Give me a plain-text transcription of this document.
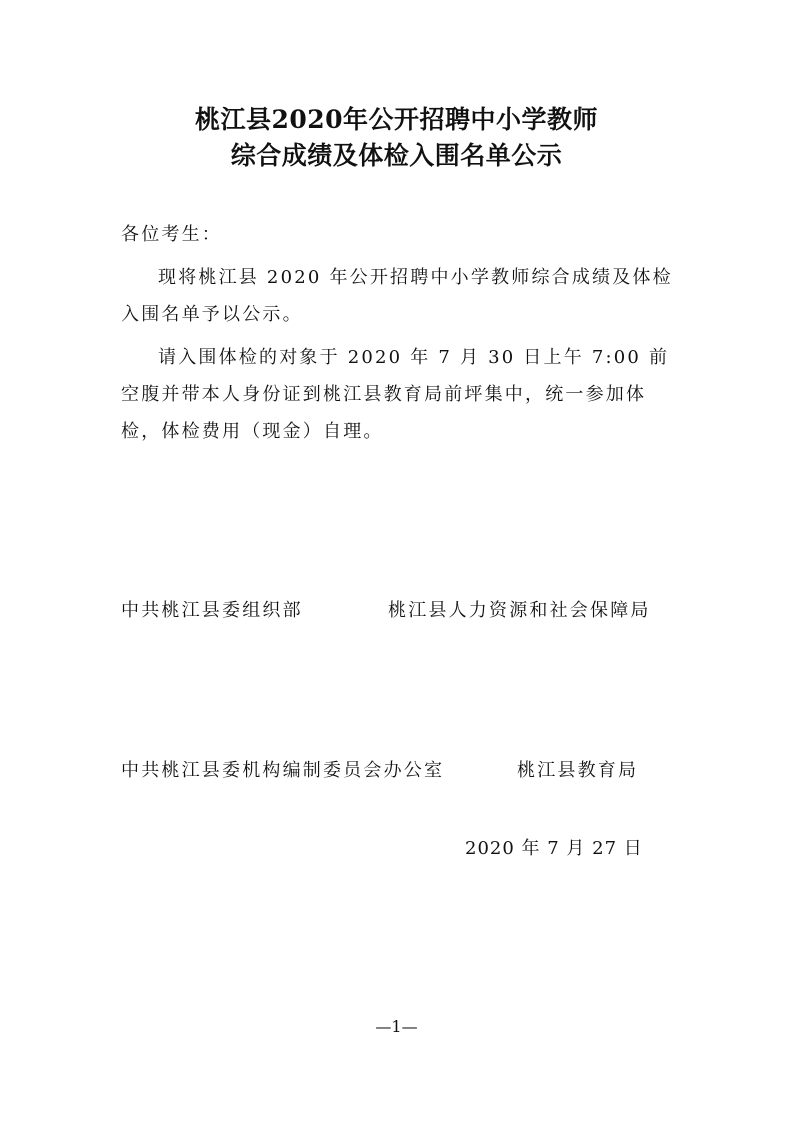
桃江县2020年公开招聘中小学教师
综合成绩及体检入围名单公示
各位考生：

现将桃江县 2020 年公开招聘中小学教师综合成绩及体检入围名单予以公示。

请入围体检的对象于 2020 年 7 月 30 日上午 7:00 前空腹并带本人身份证到桃江县教育局前坪集中，统一参加体检，体检费用（现金）自理。

中共桃江县委组织部	桃江县人力资源和社会保障局
中共桃江县委机构编制委员会办公室	桃江县教育局
2020 年 7 月 27 日
—1—
